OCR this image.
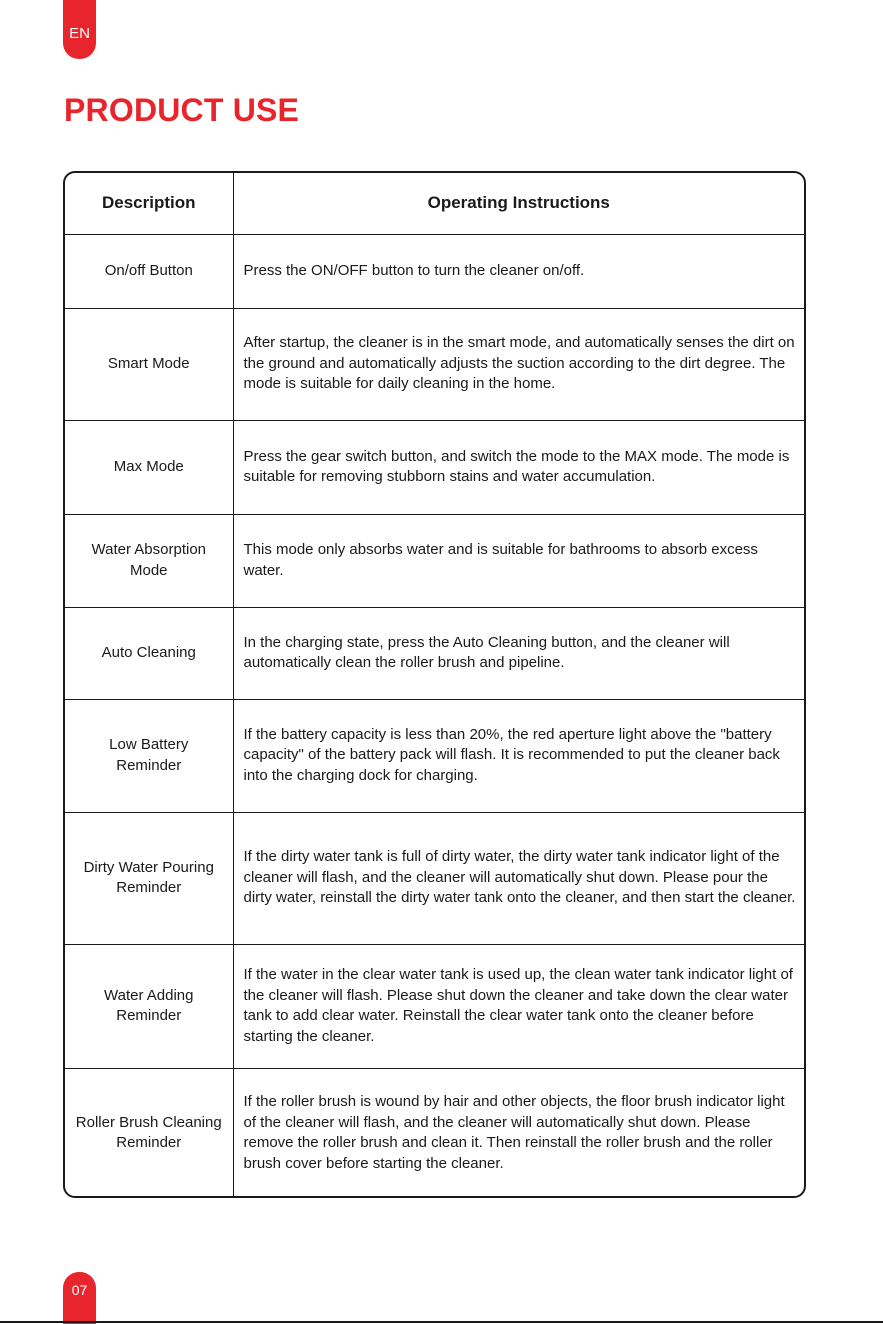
EN
PRODUCT USE
Description	Operating Instructions
On/off Button	Press the ON/OFF button to turn the cleaner on/off.
Smart Mode	After startup, the cleaner is in the smart mode, and automatically senses the dirt on the ground and automatically adjusts the suction according to the dirt degree. The mode is suitable for daily cleaning in the home.
Max Mode	Press the gear switch button, and switch the mode to the MAX mode. The mode is suitable for removing stubborn stains and water accumulation.
Water Absorption Mode	This mode only absorbs water and is suitable for bathrooms to absorb excess water.
Auto Cleaning	In the charging state, press the Auto Cleaning button, and the cleaner will automatically clean the roller brush and pipeline.
Low Battery Reminder	If the battery capacity is less than 20%, the red aperture light above the "battery capacity" of the battery pack will flash. It is recommended to put the cleaner back into the charging dock for charging.
Dirty Water Pouring Reminder	If the dirty water tank is full of dirty water, the dirty water tank indicator light of the cleaner will flash, and the cleaner will automatically shut down. Please pour the dirty water, reinstall the dirty water tank onto the cleaner, and then start the cleaner.
Water Adding Reminder	If the water in the clear water tank is used up, the clean water tank indicator light of the cleaner will flash. Please shut down the cleaner and take down the clear water tank to add clear water. Reinstall the clear water tank onto the cleaner before starting the cleaner.
Roller Brush Cleaning Reminder	If the roller brush is wound by hair and other objects, the floor brush indicator light of the cleaner will flash, and the cleaner will automatically shut down. Please remove the roller brush and clean it. Then reinstall the roller brush and the roller brush cover before starting the cleaner.
07
